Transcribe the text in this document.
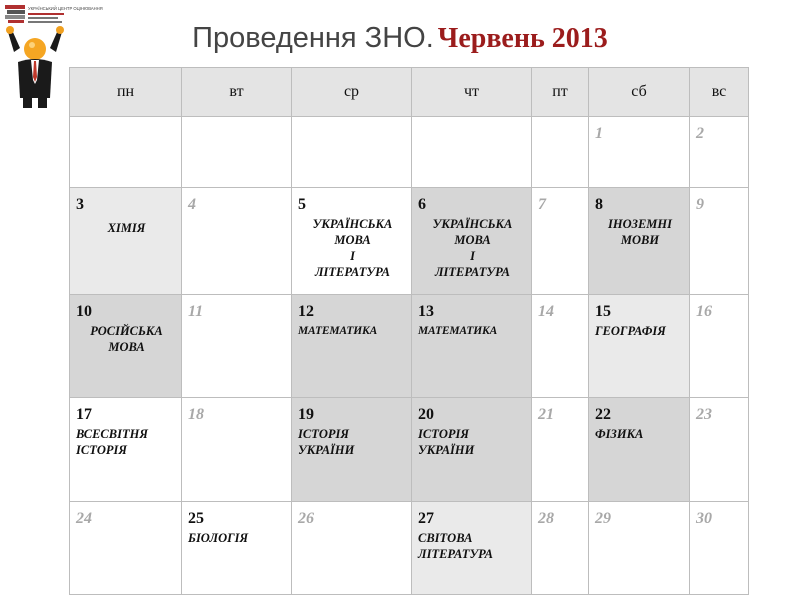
УКРАЇНСЬКИЙ ЦЕНТР ОЦІНЮВАННЯ
Проведення ЗНО. Червень 2013
пн	вт	ср	чт	пт	сб	вс

					1	2

3
ХІМІЯ	4	5
УКРАЇНСЬКА
МОВА
І
ЛІТЕРАТУРА	6
УКРАЇНСЬКА
МОВА
І
ЛІТЕРАТУРА	7	8
ІНОЗЕМНІ
МОВИ	9

10
РОСІЙСЬКА
МОВА	11	12
МАТЕМАТИКА	13
МАТЕМАТИКА	14	15
ГЕОГРАФІЯ	16

17
ВСЕСВІТНЯ
ІСТОРІЯ	18	19
ІСТОРІЯ
УКРАЇНИ	20
ІСТОРІЯ
УКРАЇНИ	21	22
ФІЗИКА	23

24	25
БІОЛОГІЯ	26	27
СВІТОВА
ЛІТЕРАТУРА	28	29	30
